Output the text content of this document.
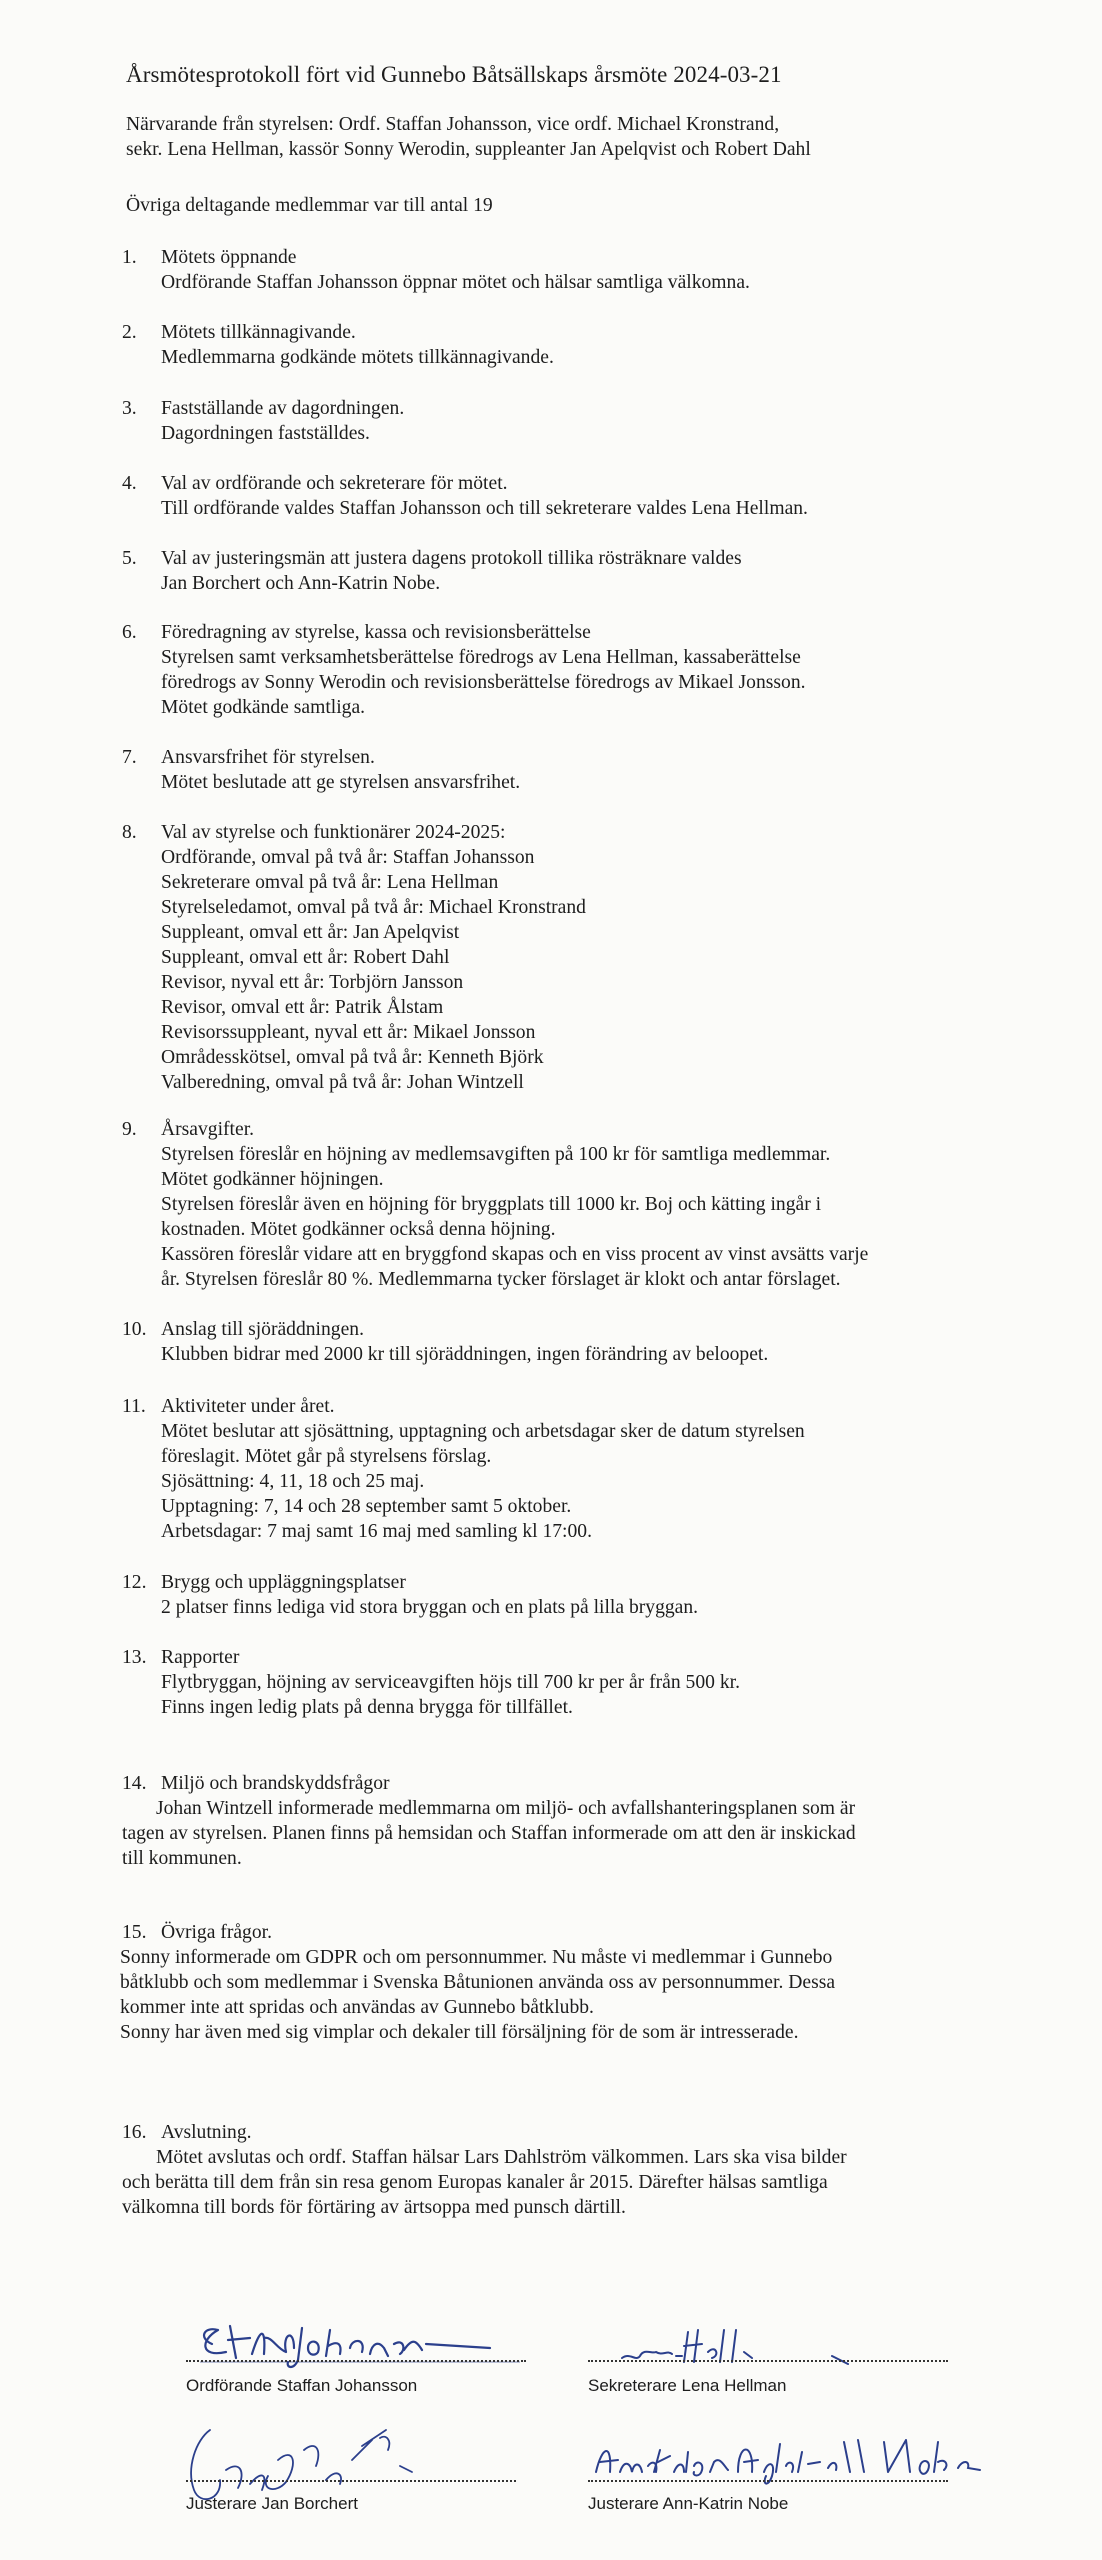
Årsmötesprotokoll fört vid Gunnebo Båtsällskaps årsmöte 2024-03-21
Närvarande från styrelsen: Ordf. Staffan Johansson, vice ordf. Michael Kronstrand,
sekr. Lena Hellman, kassör Sonny Werodin, suppleanter Jan Apelqvist och Robert Dahl
Övriga deltagande medlemmar var till antal 19
1. Mötets öppnande
Ordförande Staffan Johansson öppnar mötet och hälsar samtliga välkomna.
2. Mötets tillkännagivande.
Medlemmarna godkände mötets tillkännagivande.
3. Fastställande av dagordningen.
Dagordningen fastställdes.
4. Val av ordförande och sekreterare för mötet.
Till ordförande valdes Staffan Johansson och till sekreterare valdes Lena Hellman.
5. Val av justeringsmän att justera dagens protokoll tillika rösträknare valdes
Jan Borchert och Ann-Katrin Nobe.
6. Föredragning av styrelse, kassa och revisionsberättelse
Styrelsen samt verksamhetsberättelse föredrogs av Lena Hellman, kassaberättelse
föredrogs av Sonny Werodin och revisionsberättelse föredrogs av Mikael Jonsson.
Mötet godkände samtliga.
7. Ansvarsfrihet för styrelsen.
Mötet beslutade att ge styrelsen ansvarsfrihet.
8. Val av styrelse och funktionärer 2024-2025:
Ordförande, omval på två år: Staffan Johansson
Sekreterare omval på två år: Lena Hellman
Styrelseledamot, omval på två år: Michael Kronstrand
Suppleant, omval ett år: Jan Apelqvist
Suppleant, omval ett år: Robert Dahl
Revisor, nyval ett år: Torbjörn Jansson
Revisor, omval ett år: Patrik Ålstam
Revisorssuppleant, nyval ett år: Mikael Jonsson
Områdesskötsel, omval på två år: Kenneth Björk
Valberedning, omval på två år: Johan Wintzell
9. Årsavgifter.
Styrelsen föreslår en höjning av medlemsavgiften på 100 kr för samtliga medlemmar.
Mötet godkänner höjningen.
Styrelsen föreslår även en höjning för bryggplats till 1000 kr. Boj och kätting ingår i
kostnaden. Mötet godkänner också denna höjning.
Kassören föreslår vidare att en bryggfond skapas och en viss procent av vinst avsätts varje
år. Styrelsen föreslår 80 %. Medlemmarna tycker förslaget är klokt och antar förslaget.
10. Anslag till sjöräddningen.
Klubben bidrar med 2000 kr till sjöräddningen, ingen förändring av beloopet.
11. Aktiviteter under året.
Mötet beslutar att sjösättning, upptagning och arbetsdagar sker de datum styrelsen
föreslagit. Mötet går på styrelsens förslag.
Sjösättning: 4, 11, 18 och 25 maj.
Upptagning: 7, 14 och 28 september samt 5 oktober.
Arbetsdagar: 7 maj samt 16 maj med samling kl 17:00.
12. Brygg och uppläggningsplatser
2 platser finns lediga vid stora bryggan och en plats på lilla bryggan.
13. Rapporter
Flytbryggan, höjning av serviceavgiften höjs till 700 kr per år från 500 kr.
Finns ingen ledig plats på denna brygga för tillfället.
14. Miljö och brandskyddsfrågor
Johan Wintzell informerade medlemmarna om miljö- och avfallshanteringsplanen som är
tagen av styrelsen. Planen finns på hemsidan och Staffan informerade om att den är inskickad
till kommunen.
15. Övriga frågor.
Sonny informerade om GDPR och om personnummer. Nu måste vi medlemmar i Gunnebo
båtklubb och som medlemmar i Svenska Båtunionen använda oss av personnummer. Dessa
kommer inte att spridas och användas av Gunnebo båtklubb.
Sonny har även med sig vimplar och dekaler till försäljning för de som är intresserade.
16. Avslutning.
Mötet avslutas och ordf. Staffan hälsar Lars Dahlström välkommen. Lars ska visa bilder
och berätta till dem från sin resa genom Europas kanaler år 2015. Därefter hälsas samtliga
välkomna till bords för förtäring av ärtsoppa med punsch därtill.
Ordförande Staffan Johansson	Sekreterare Lena Hellman
Justerare Jan Borchert	Justerare Ann-Katrin Nobe
